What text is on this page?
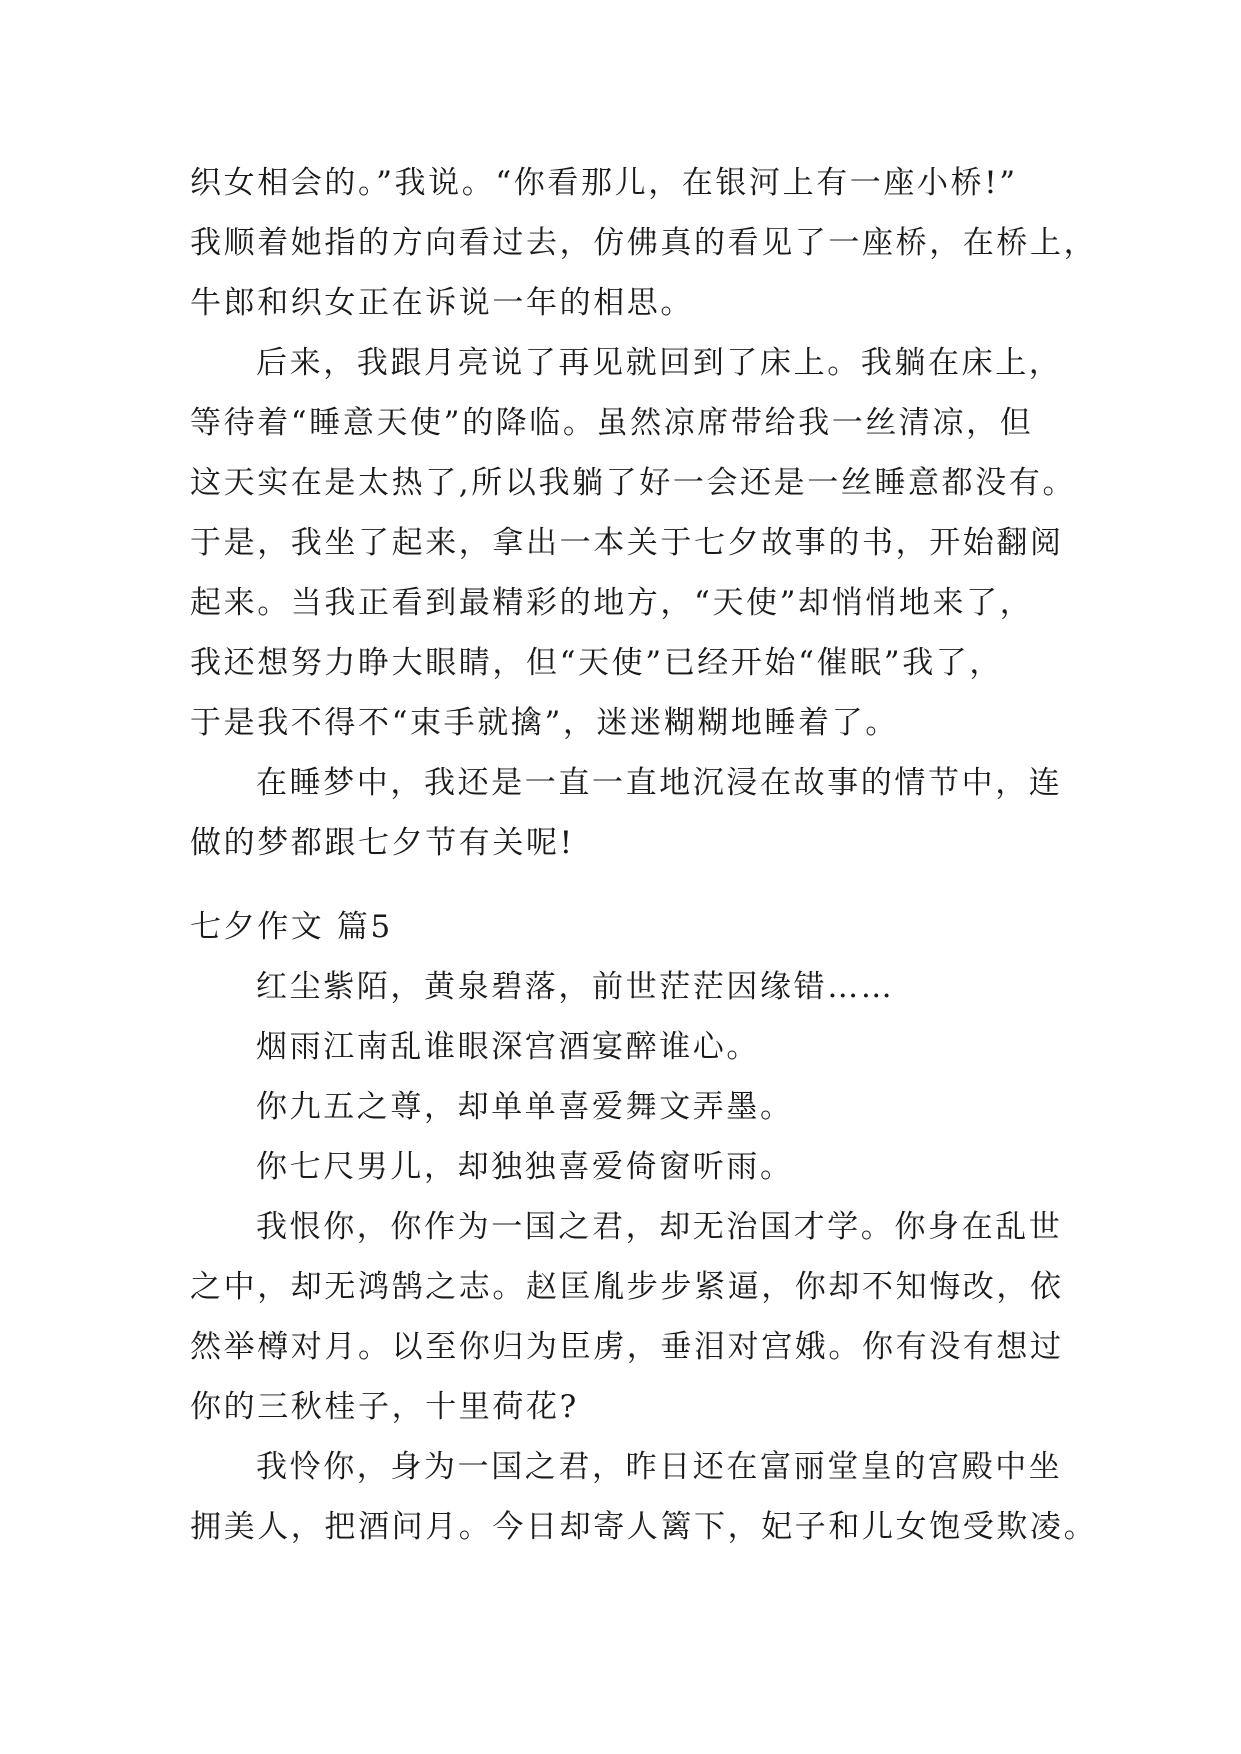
织女相会的。”我说。“你看那儿，在银河上有一座小桥!”
我顺着她指的方向看过去，仿佛真的看见了一座桥，在桥上，
牛郎和织女正在诉说一年的相思。
后来，我跟月亮说了再见就回到了床上。我躺在床上，
等待着“睡意天使”的降临。虽然凉席带给我一丝清凉，但
这天实在是太热了,所以我躺了好一会还是一丝睡意都没有。
于是，我坐了起来，拿出一本关于七夕故事的书，开始翻阅
起来。当我正看到最精彩的地方，“天使”却悄悄地来了，
我还想努力睁大眼睛，但“天使”已经开始“催眠”我了，
于是我不得不“束手就擒”，迷迷糊糊地睡着了。
在睡梦中，我还是一直一直地沉浸在故事的情节中，连
做的梦都跟七夕节有关呢!
七夕作文 篇5
红尘紫陌，黄泉碧落，前世茫茫因缘错……
烟雨江南乱谁眼深宫酒宴醉谁心。
你九五之尊，却单单喜爱舞文弄墨。
你七尺男儿，却独独喜爱倚窗听雨。
我恨你，你作为一国之君，却无治国才学。你身在乱世
之中，却无鸿鹄之志。赵匡胤步步紧逼，你却不知悔改，依
然举樽对月。以至你归为臣虏，垂泪对宫娥。你有没有想过
你的三秋桂子，十里荷花?
我怜你，身为一国之君，昨日还在富丽堂皇的宫殿中坐
拥美人，把酒问月。今日却寄人篱下，妃子和儿女饱受欺凌。
